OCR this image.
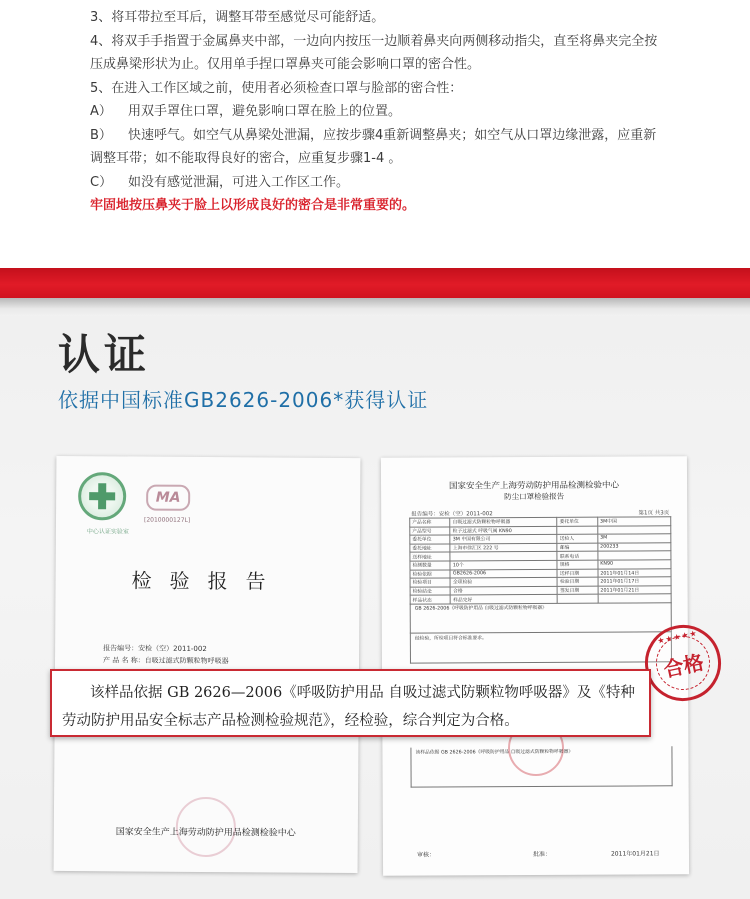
3、将耳带拉至耳后，调整耳带至感觉尽可能舒适。

4、将双手手指置于金属鼻夹中部，一边向内按压一边顺着鼻夹向两侧移动指尖，直至将鼻夹完全按

压成鼻梁形状为止。仅用单手捏口罩鼻夹可能会影响口罩的密合性。

5、在进入工作区域之前，使用者必须检查口罩与脸部的密合性：

A）	用双手罩住口罩，避免影响口罩在脸上的位置。
B）	快速呼气。如空气从鼻梁处泄漏，应按步骤4重新调整鼻夹；如空气从口罩边缘泄露，应重新

调整耳带；如不能取得良好的密合，应重复步骤1-4 。

C）	如没有感觉泄漏，可进入工作区工作。

牢固地按压鼻夹于脸上以形成良好的密合是非常重要的。

认证
依据中国标准GB2626-2006*获得认证
中心认证实验室
MA
[2010000127L]
检验报告
报告编号：安检（空）2011-002
产 品 名 称：自吸过滤式防颗粒物呼吸器
国家安全生产上海劳动防护用品检测检验中心
国家安全生产上海劳动防护用品检测检验中心
防尘口罩检验报告
报告编号：安检（空）2011-002	第1页 共3页
产品名称	自吸过滤式防颗粒物呼吸器	委托单位	3M中国
产品型号	粒子过滤式 呼吸气阀 KN90		
委托单位	3M 中国有限公司	送检人	3M
委托地址	上海市徐汇区 222 号	邮编	200233
送样地址		联系电话	
检测数量	10个	规格	KN90
检验依据	GB2626-2006	送样日期	2011年01月14日
检验项目	全项检验	检验日期	2011年01月17日
检验结论	合格	签发日期	2011年01月21日
样品状态	样品完好		
GB 2626-2006《呼吸防护用品 自吸过滤式防颗粒物呼吸器》
经检验，所检项目符合标准要求。
该样品依据 GB 2626-2006《呼吸防护用品 自吸过滤式防颗粒物呼吸器》
审核：	批准：	2011年01月21日
★★★★★
合格

该样品依据 GB 2626—2006《呼吸防护用品 自吸过滤式防颗粒物呼吸器》及《特种

劳动防护用品安全标志产品检测检验规范》，经检验，综合判定为合格。
